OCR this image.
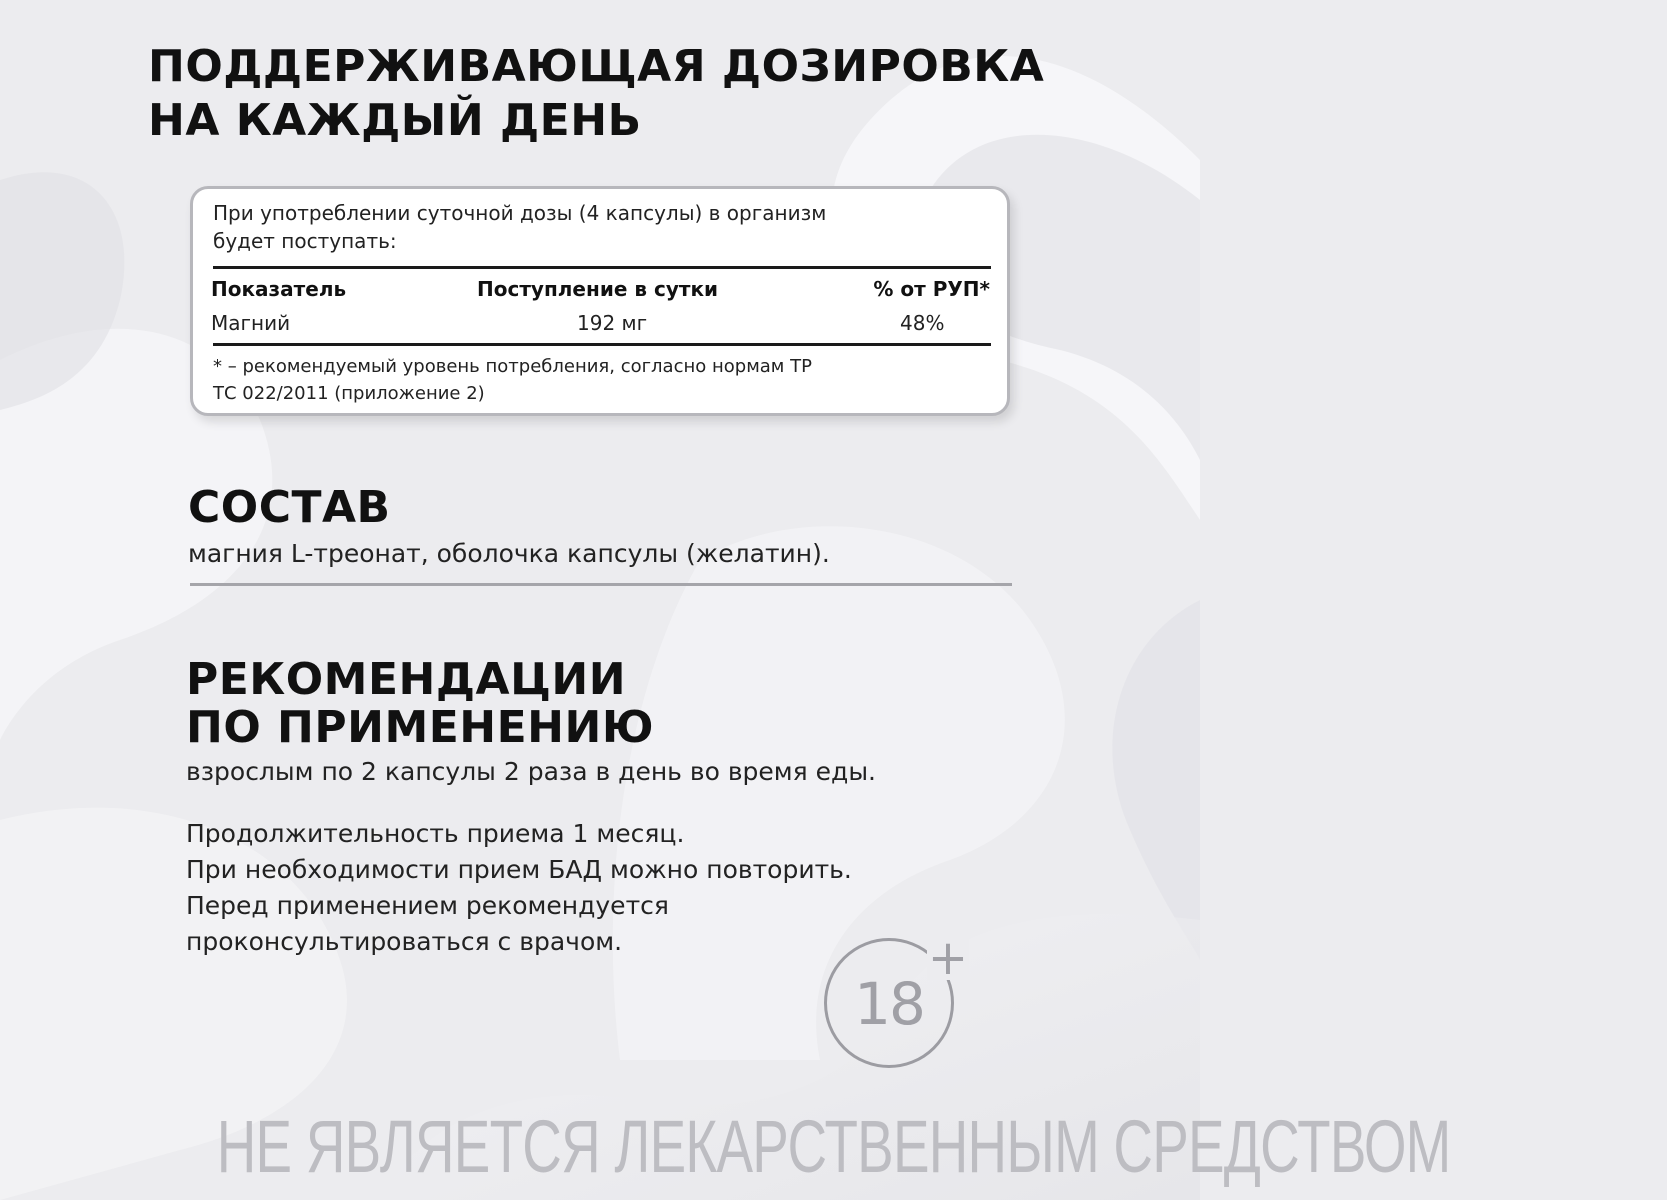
ПОДДЕРЖИВАЮЩАЯ ДОЗИРОВКА
НА КАЖДЫЙ ДЕНЬ
При употреблении суточной дозы (4 капсулы) в организм
будет поступать:
Показатель	Поступление в сутки	% от РУП*
Магний	192 мг	48%
* – рекомендуемый уровень потребления, согласно нормам ТР
ТС 022/2011 (приложение 2)
СОСТАВ
магния L-треонат, оболочка капсулы (желатин).
РЕКОМЕНДАЦИИ
ПО ПРИМЕНЕНИЮ
взрослым по 2 капсулы 2 раза в день во время еды.
Продолжительность приема 1 месяц.
При необходимости прием БАД можно повторить.
Перед применением рекомендуется
проконсультироваться с врачом.
18
+
НЕ ЯВЛЯЕТСЯ ЛЕКАРСТВЕННЫМ СРЕДСТВОМ
